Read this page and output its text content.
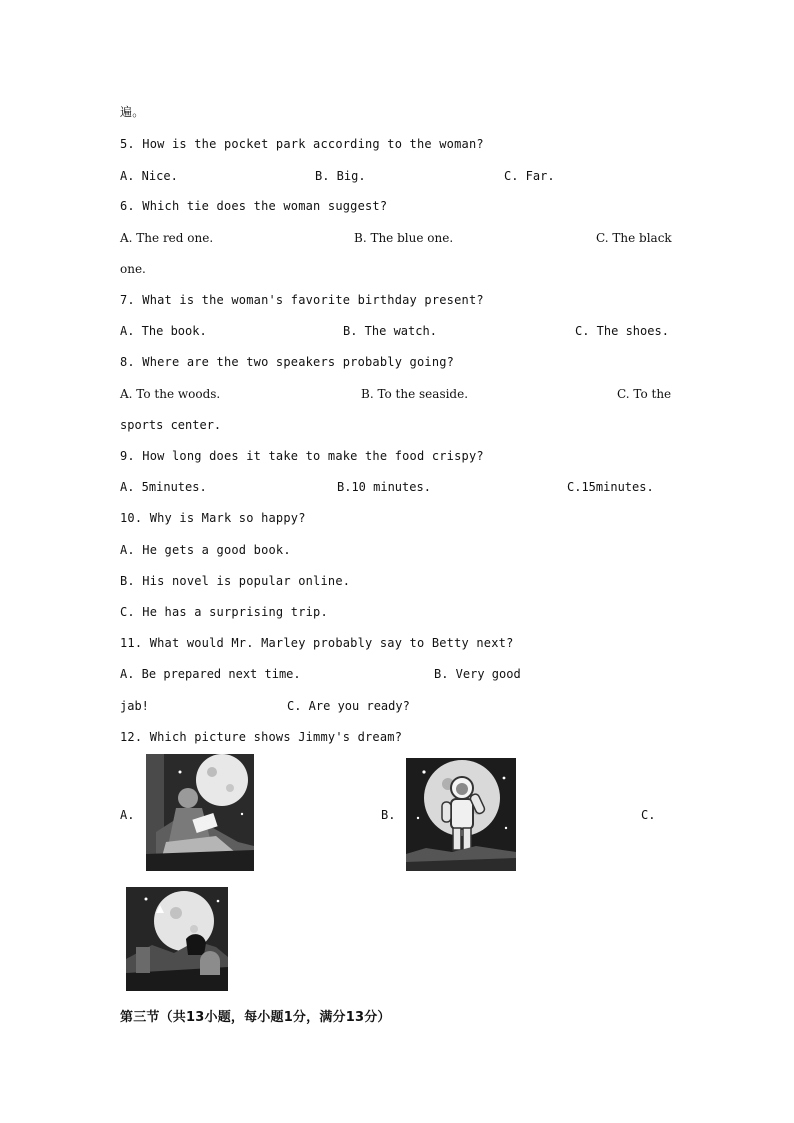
遍。
5. How is the pocket park according to the woman?
A. Nice.	B. Big.	C. Far.
6. Which tie does the woman suggest?
A. The red one.	B. The blue one.	C. The black
one.
7. What is the woman's favorite birthday present?
A. The book.	B. The watch.	C. The shoes.
8. Where are the two speakers probably going?
A. To the woods.	B. To the seaside.	C. To the
sports center.
9. How long does it take to make the food crispy?
A. 5minutes.	B.10 minutes.	C.15minutes.
10. Why is Mark so happy?
A. He gets a good book.
B. His novel is popular online.
C. He has a surprising trip.
11. What would Mr. Marley probably say to Betty next?
A. Be prepared next time.	B. Very good
jab!	C. Are you ready?
12. Which picture shows Jimmy's dream?
A.	B.	C.
第三节（共13小题，每小题1分，满分13分）
